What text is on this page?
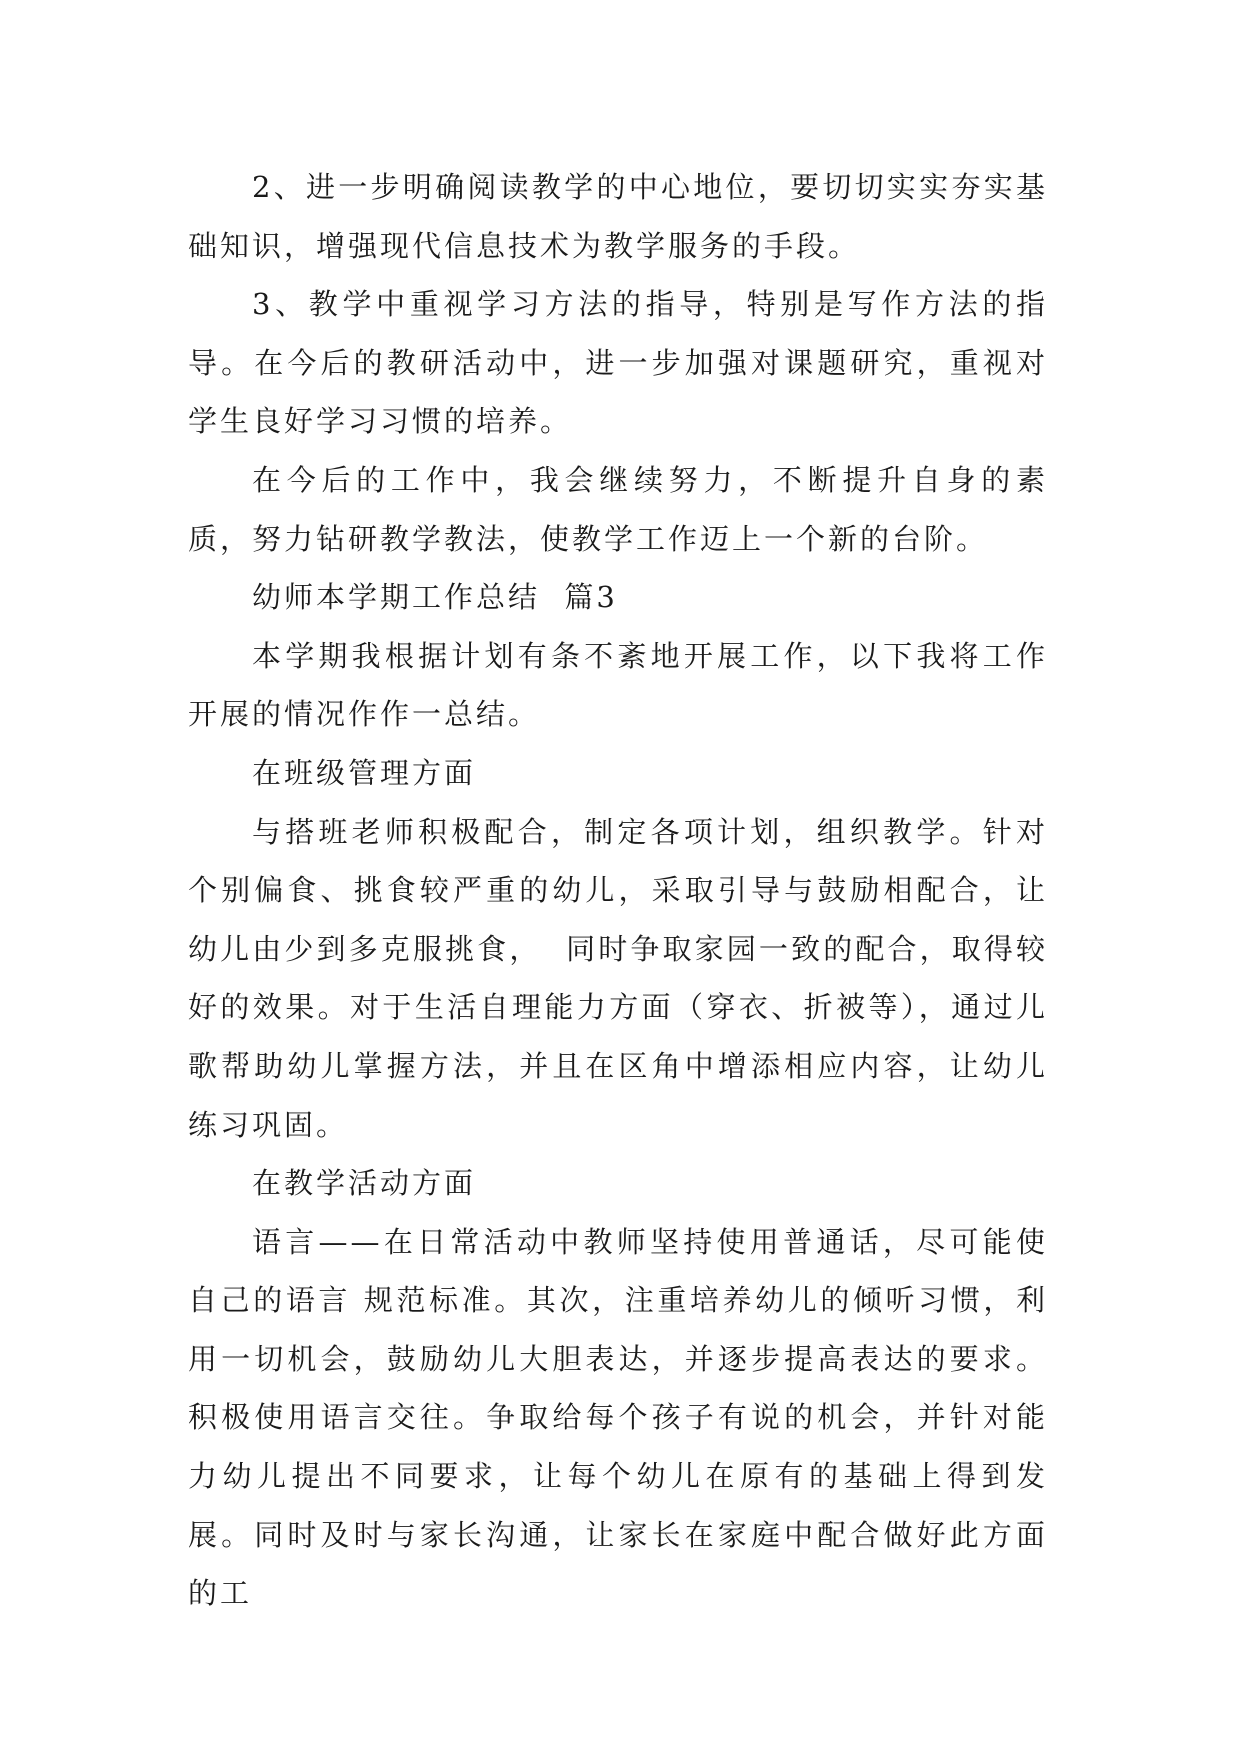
2、进一步明确阅读教学的中心地位，要切切实实夯实基础知识，增强现代信息技术为教学服务的手段。

3、教学中重视学习方法的指导，特别是写作方法的指导。在今后的教研活动中，进一步加强对课题研究，重视对学生良好学习习惯的培养。

在今后的工作中，我会继续努力，不断提升自身的素质，努力钻研教学教法，使教学工作迈上一个新的台阶。

幼师本学期工作总结  篇3

本学期我根据计划有条不紊地开展工作，以下我将工作开展的情况作作一总结。

在班级管理方面

与搭班老师积极配合，制定各项计划，组织教学。针对个别偏食、挑食较严重的幼儿，采取引导与鼓励相配合，让幼儿由少到多克服挑食，  同时争取家园一致的配合，取得较好的效果。对于生活自理能力方面（穿衣、折被等），通过儿歌帮助幼儿掌握方法，并且在区角中增添相应内容，让幼儿练习巩固。

在教学活动方面

语言——在日常活动中教师坚持使用普通话，尽可能使自己的语言 规范标准。其次，注重培养幼儿的倾听习惯，利用一切机会，鼓励幼儿大胆表达，并逐步提高表达的要求。积极使用语言交往。争取给每个孩子有说的机会，并针对能力幼儿提出不同要求，让每个幼儿在原有的基础上得到发展。同时及时与家长沟通，让家长在家庭中配合做好此方面的工
